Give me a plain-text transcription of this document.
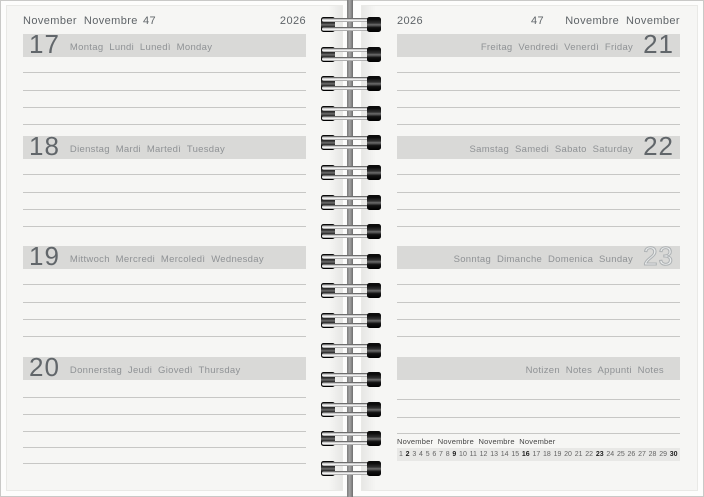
November  Novembre

47

	2026

17 Montag  Lundi  Lunedì  Monday
18 Dienstag  Mardi  Martedì  Tuesday
19 Mittwoch  Mercredi  Mercoledì  Wednesday
20 Donnerstag  Jeudi  Giovedì  Thursday

2026

	47

Novembre  November

Freitag  Vendredi  Venerdì  Friday 21
Samstag  Samedi  Sabato  Saturday 22
Sonntag  Dimanche  Domenica  Sunday 23
Notizen  Notes  Appunti  Notes
November  Novembre  Novembre  November
1 2 3 4 5 6 7 8 9 10 11 12 13 14 15 16 17 18 19 20 21 22 23 24 25 26 27 28 29 30
